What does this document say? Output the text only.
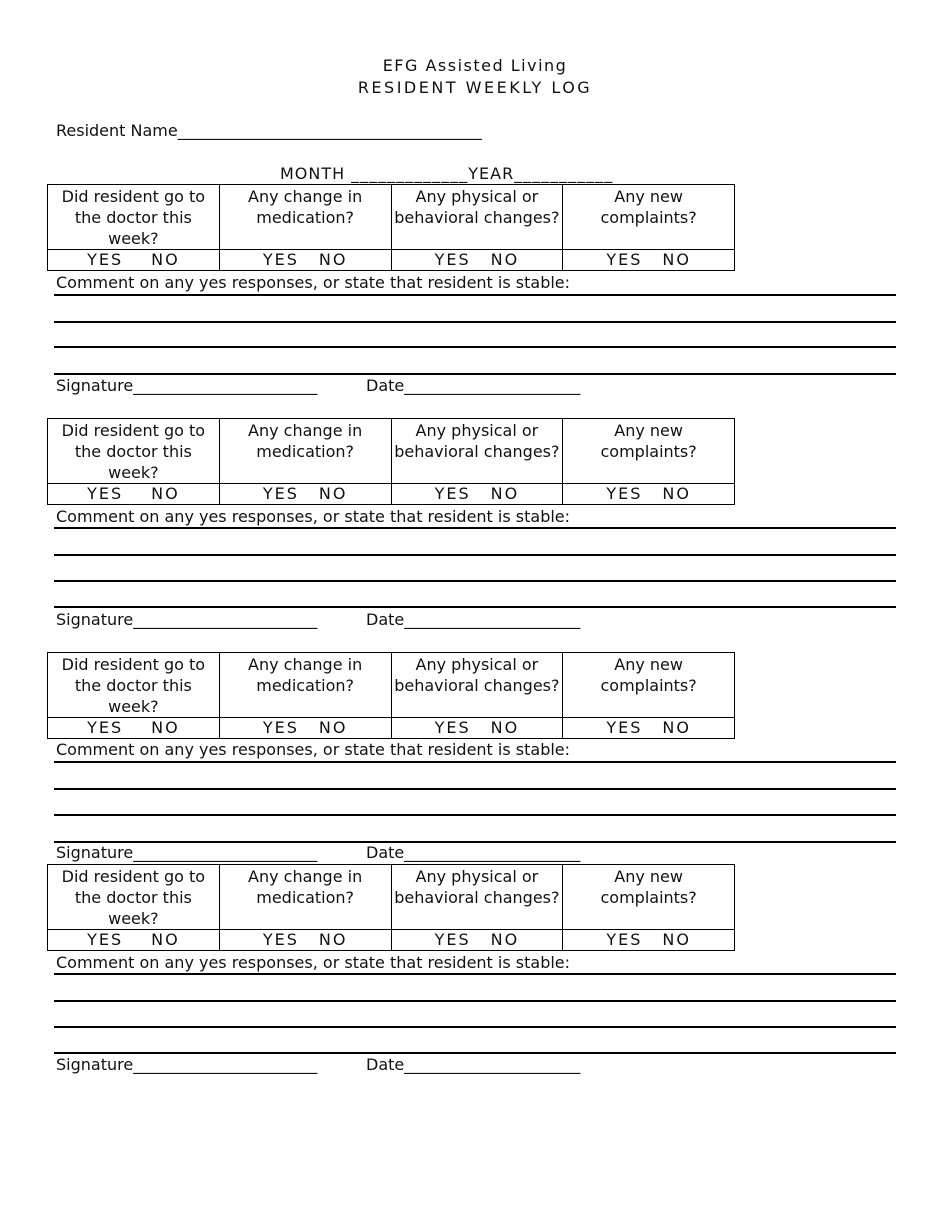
EFG Assisted Living
RESIDENT WEEKLY LOG
Resident Name______________________________________
MONTH _____________YEAR___________
Did resident go to the doctor this week?	Any change in medication?	Any physical or behavioral changes?	Any new complaints?
YES NO	YES NO	YES NO	YES NO
Comment on any yes responses, or state that resident is stable:
Signature_______________________	Date______________________
Did resident go to the doctor this week?	Any change in medication?	Any physical or behavioral changes?	Any new complaints?
YES NO	YES NO	YES NO	YES NO
Comment on any yes responses, or state that resident is stable:
Signature_______________________	Date______________________
Did resident go to the doctor this week?	Any change in medication?	Any physical or behavioral changes?	Any new complaints?
YES NO	YES NO	YES NO	YES NO
Comment on any yes responses, or state that resident is stable:
Signature_______________________	Date______________________
Did resident go to the doctor this week?	Any change in medication?	Any physical or behavioral changes?	Any new complaints?
YES NO	YES NO	YES NO	YES NO
Comment on any yes responses, or state that resident is stable:
Signature_______________________	Date______________________
